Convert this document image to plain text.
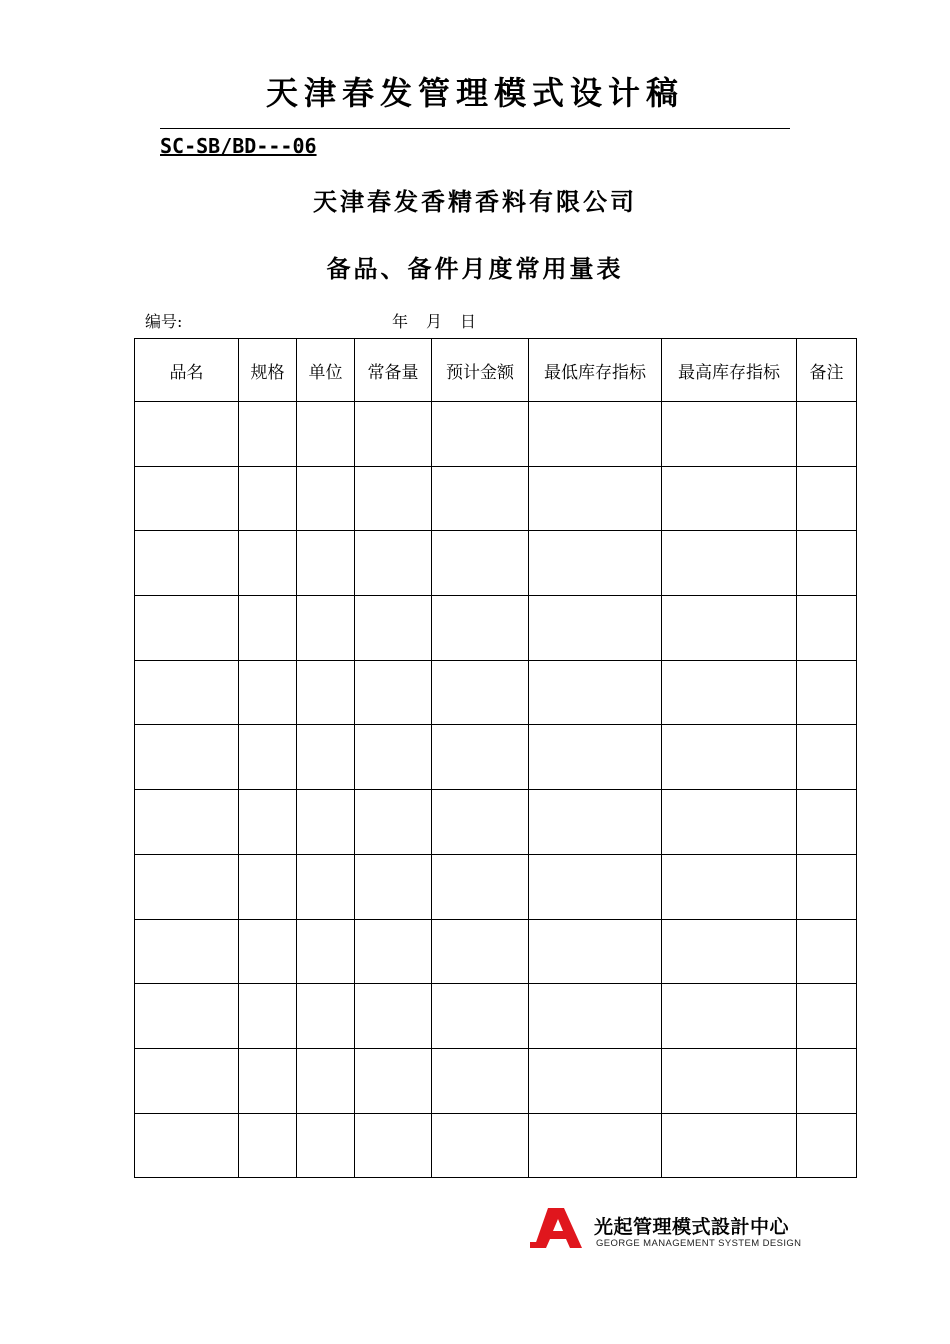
天津春发管理模式设计稿
SC-SB/BD---06
天津春发香精香料有限公司
备品、备件月度常用量表
编号:	年 月 日
品名	规格	单位	常备量	预计金额	最低库存指标	最高库存指标	备注

光起管理模式設計中心
GEORGE MANAGEMENT SYSTEM DESIGN
